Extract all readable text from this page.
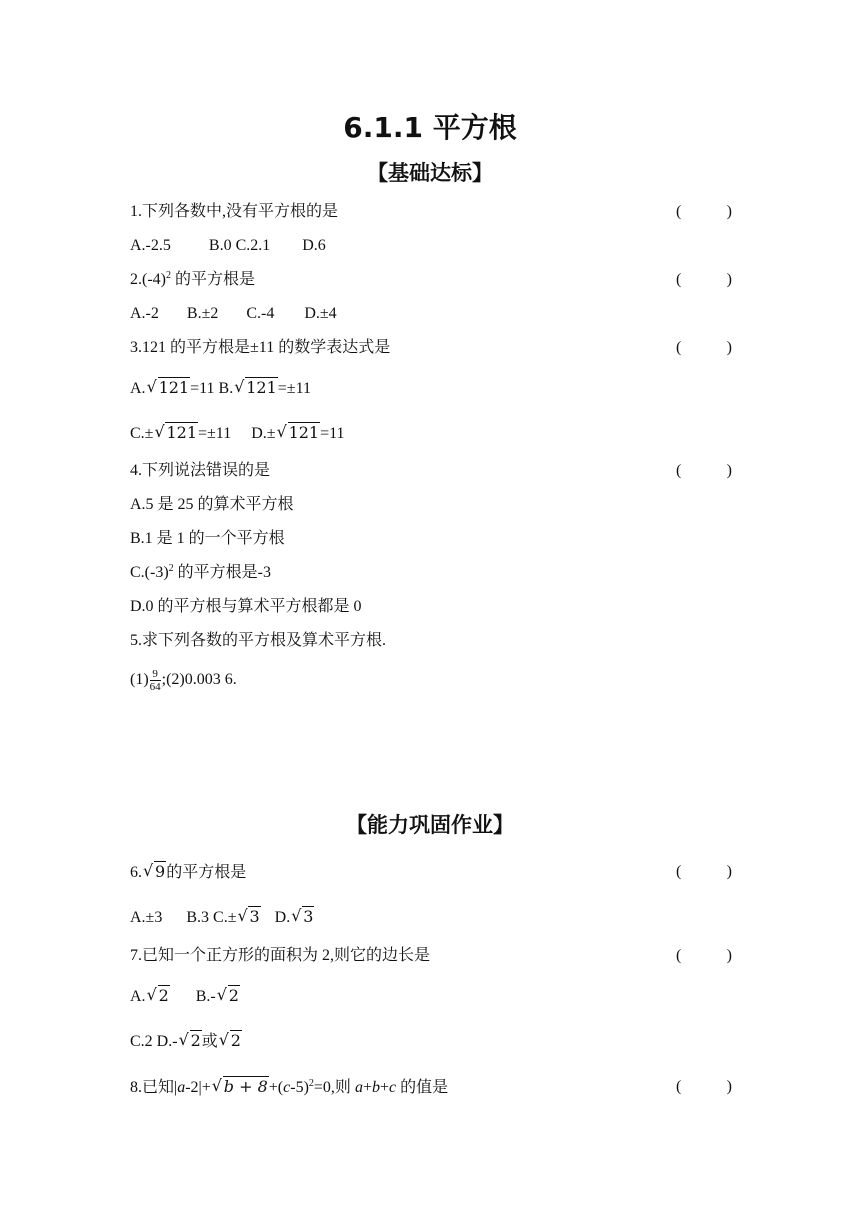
6.1.1 平方根
【基础达标】
1.下列各数中,没有平方根的是	(	)
A.-2.5 B.0 C.2.1 D.6
$2.(-4)^2$ 的平方根是	(	)
A.-2 B.±2 C.-4 D.±4
3.121 的平方根是±11 的数学表达式是	(	)
A. √ 121=11 B. √ 121=±11
C.± √ 121=±11 D.± √ 121=11
4.下列说法错误的是	(	)
A.5 是 25 的算术平方根
B.1 是 1 的一个平方根
$C.(-3)^2$ 的平方根是-3
D.0 的平方根与算术平方根都是 0
5.求下列各数的平方根及算术平方根.
$(1) \frac{9}{64}$ ;(2)0.003 6.
【能力巩固作业】
6. √ 9的平方根是	(	)
A.±3 B.3 C.± √ 3 D. √ 3
7.已知一个正方形的面积为 2,则它的边长是	(	)
A. √ 2 B.- √ 2
C.2 D.- √ 2或 √ 2
8.已知|a-2|+ √ $b + 8+(c-5)^2=0$,则 a+b+c 的值是	(	)
